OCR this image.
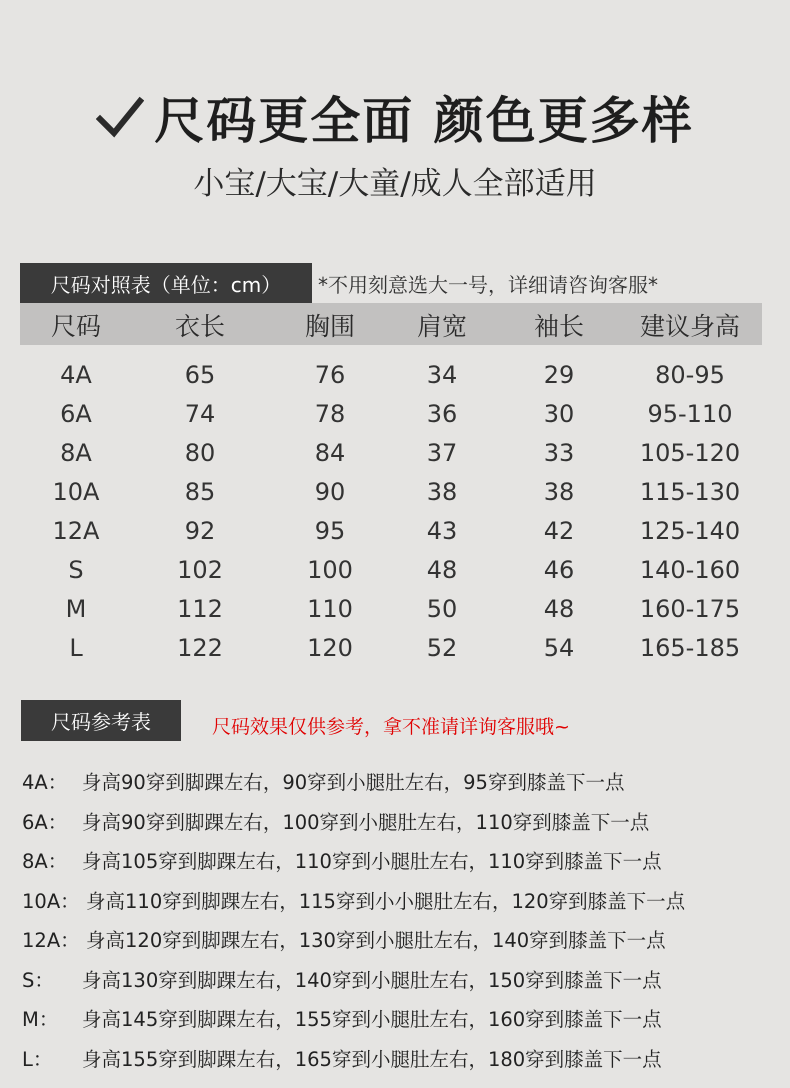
尺码更全面 颜色更多样
小宝/大宝/大童/成人全部适用
尺码对照表（单位：cm）	*不用刻意选大一号，详细请咨询客服*
尺码	衣长	胸围	肩宽	袖长	建议身高
4A	65	76	34	29	80-95
6A	74	78	36	30	95-110
8A	80	84	37	33	105-120
10A	85	90	38	38	115-130
12A	92	95	43	42	125-140
S	102	100	48	46	140-160
M	112	110	50	48	160-175
L	122	120	52	54	165-185
尺码参考表	尺码效果仅供参考，拿不准请详询客服哦~
4A： 身高90穿到脚踝左右，90穿到小腿肚左右，95穿到膝盖下一点
6A： 身高90穿到脚踝左右，100穿到小腿肚左右，110穿到膝盖下一点
8A： 身高105穿到脚踝左右，110穿到小腿肚左右，110穿到膝盖下一点
10A： 身高110穿到脚踝左右，115穿到小小腿肚左右，120穿到膝盖下一点
12A： 身高120穿到脚踝左右，130穿到小腿肚左右，140穿到膝盖下一点
S： 身高130穿到脚踝左右，140穿到小腿肚左右，150穿到膝盖下一点
M： 身高145穿到脚踝左右，155穿到小腿肚左右，160穿到膝盖下一点
L： 身高155穿到脚踝左右，165穿到小腿肚左右，180穿到膝盖下一点
